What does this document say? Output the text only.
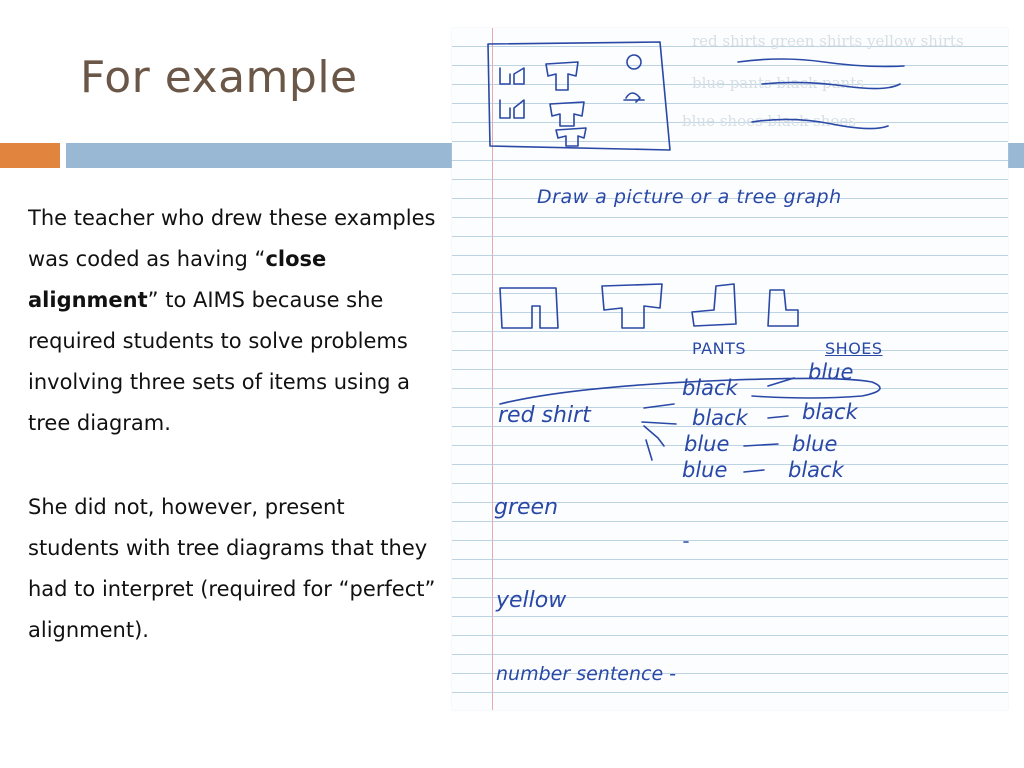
For example

The teacher who drew these examples was coded as having “close alignment” to AIMS because she required students to solve problems involving three sets of items using a tree diagram.

She did not, however, present students with tree diagrams that they had to interpret (required for “perfect” alignment).

red shirts green shirts yellow shirts
blue pants black pants
blue shoes black shoes
Draw a picture or a tree graph
PANTS	SHOES
red shirt
black
blue
black	black
blue	blue
blue	black
green
yellow
number sentence -
